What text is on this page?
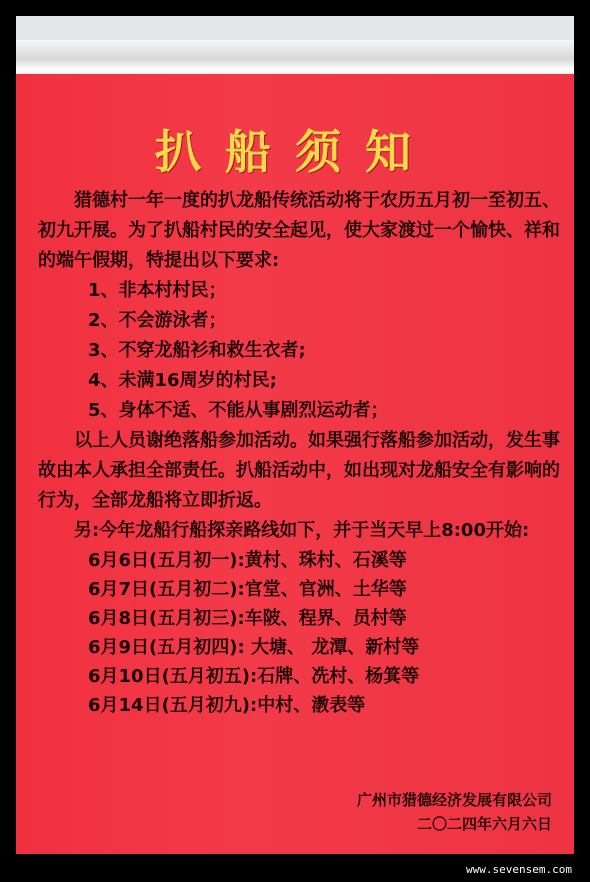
扒船须知

猎德村一年一度的扒龙船传统活动将于农历五月初一至初五、初九开展。为了扒船村民的安全起见，使大家渡过一个愉快、祥和的端午假期，特提出以下要求:

1、非本村村民；
2、不会游泳者；
3、不穿龙船衫和救生衣者;
4、未满16周岁的村民;
5、身体不适、不能从事剧烈运动者；

以上人员谢绝落船参加活动。如果强行落船参加活动，发生事故由本人承担全部责任。扒船活动中，如出现对龙船安全有影响的行为，全部龙船将立即折返。

另:今年龙船行船探亲路线如下，并于当天早上8:00开始:

6月6日(五月初一):黄村、珠村、石溪等
6月7日(五月初二):官堂、官洲、土华等
6月8日(五月初三):车陂、程界、员村等
6月9日(五月初四): 大塘、 龙潭、新村等
6月10日(五月初五):石牌、冼村、杨箕等
6月14日(五月初九):中村、漖表等
广州市猎德经济发展有限公司
二〇二四年六月六日
www.sevensem.com
